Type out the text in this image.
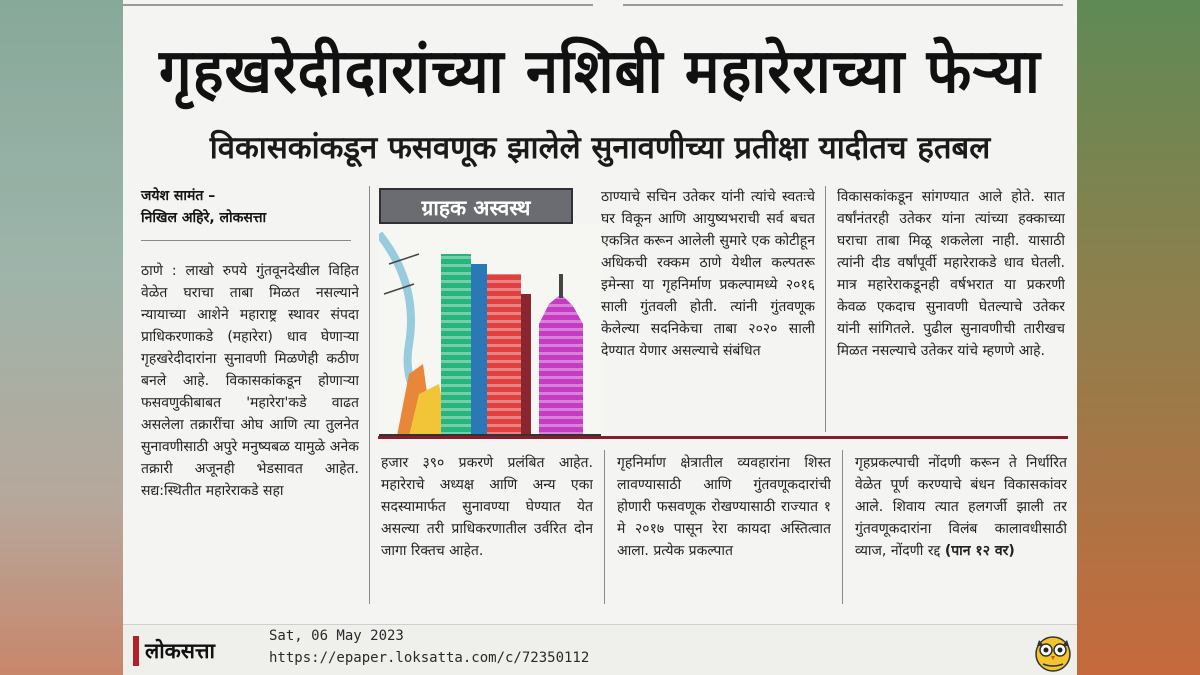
गृहखरेदीदारांच्या नशिबी महारेराच्या फेऱ्या
विकासकांकडून फसवणूक झालेले सुनावणीच्या प्रतीक्षा यादीतच हतबल
जयेश सामंत –
निखिल अहिरे, लोकसत्ता
ठाणे : लाखो रुपये गुंतवूनदेखील विहित वेळेत घराचा ताबा मिळत नसल्याने न्यायाच्या आशेने महाराष्ट्र स्थावर संपदा प्राधिकरणाकडे (महारेरा) धाव घेणाऱ्या गृहखरेदीदारांना सुनावणी मिळणेही कठीण बनले आहे. विकासकांकडून होणाऱ्या फसवणुकीबाबत 'महारेरा'कडे वाढत असलेला तक्रारींचा ओघ आणि त्या तुलनेत सुनावणीसाठी अपुरे मनुष्यबळ यामुळे अनेक तक्रारी अजूनही भेडसावत आहेत. सद्य:स्थितीत महारेराकडे सहा
ग्राहक अस्वस्थ	ठाण्याचे सचिन उतेकर यांनी त्यांचे स्वतःचे घर विकून आणि आयुष्यभराची सर्व बचत एकत्रित करून आलेली सुमारे एक कोटीहून अधिकची रक्कम ठाणे येथील कल्पतरू इमेन्सा या गृहनिर्माण प्रकल्पामध्ये २०१६ साली गुंतवली होती. त्यांनी गुंतवणूक केलेल्या सदनिकेचा ताबा २०२० साली देण्यात येणार असल्याचे संबंधित
विकासकांकडून सांगण्यात आले होते. सात वर्षांनंतरही उतेकर यांना त्यांच्या हक्काच्या घराचा ताबा मिळू शकलेला नाही. यासाठी त्यांनी दीड वर्षांपूर्वी महारेराकडे धाव घेतली. मात्र महारेराकडूनही वर्षभरात या प्रकरणी केवळ एकदाच सुनावणी घेतल्याचे उतेकर यांनी सांगितले. पुढील सुनावणीची तारीखच मिळत नसल्याचे उतेकर यांचे म्हणणे आहे.
हजार ३९० प्रकरणे प्रलंबित आहेत. महारेराचे अध्यक्ष आणि अन्य एका सदस्यामार्फत सुनावण्या घेण्यात येत असल्या तरी प्राधिकरणातील उर्वरित दोन जागा रिक्तच आहेत.
गृहनिर्माण क्षेत्रातील व्यवहारांना शिस्त लावण्यासाठी आणि गुंतवणूकदारांची होणारी फसवणूक रोखण्यासाठी राज्यात १ मे २०१७ पासून रेरा कायदा अस्तित्वात आला. प्रत्येक प्रकल्पात
गृहप्रकल्पाची नोंदणी करून ते निर्धारित वेळेत पूर्ण करण्याचे बंधन विकासकांवर आले. शिवाय त्यात हलगर्जी झाली तर गुंतवणूकदारांना विलंब कालावधीसाठी व्याज, नोंदणी रद्द (पान १२ वर)
लोकसत्ता
Sat, 06 May 2023
https://epaper.loksatta.com/c/72350112
